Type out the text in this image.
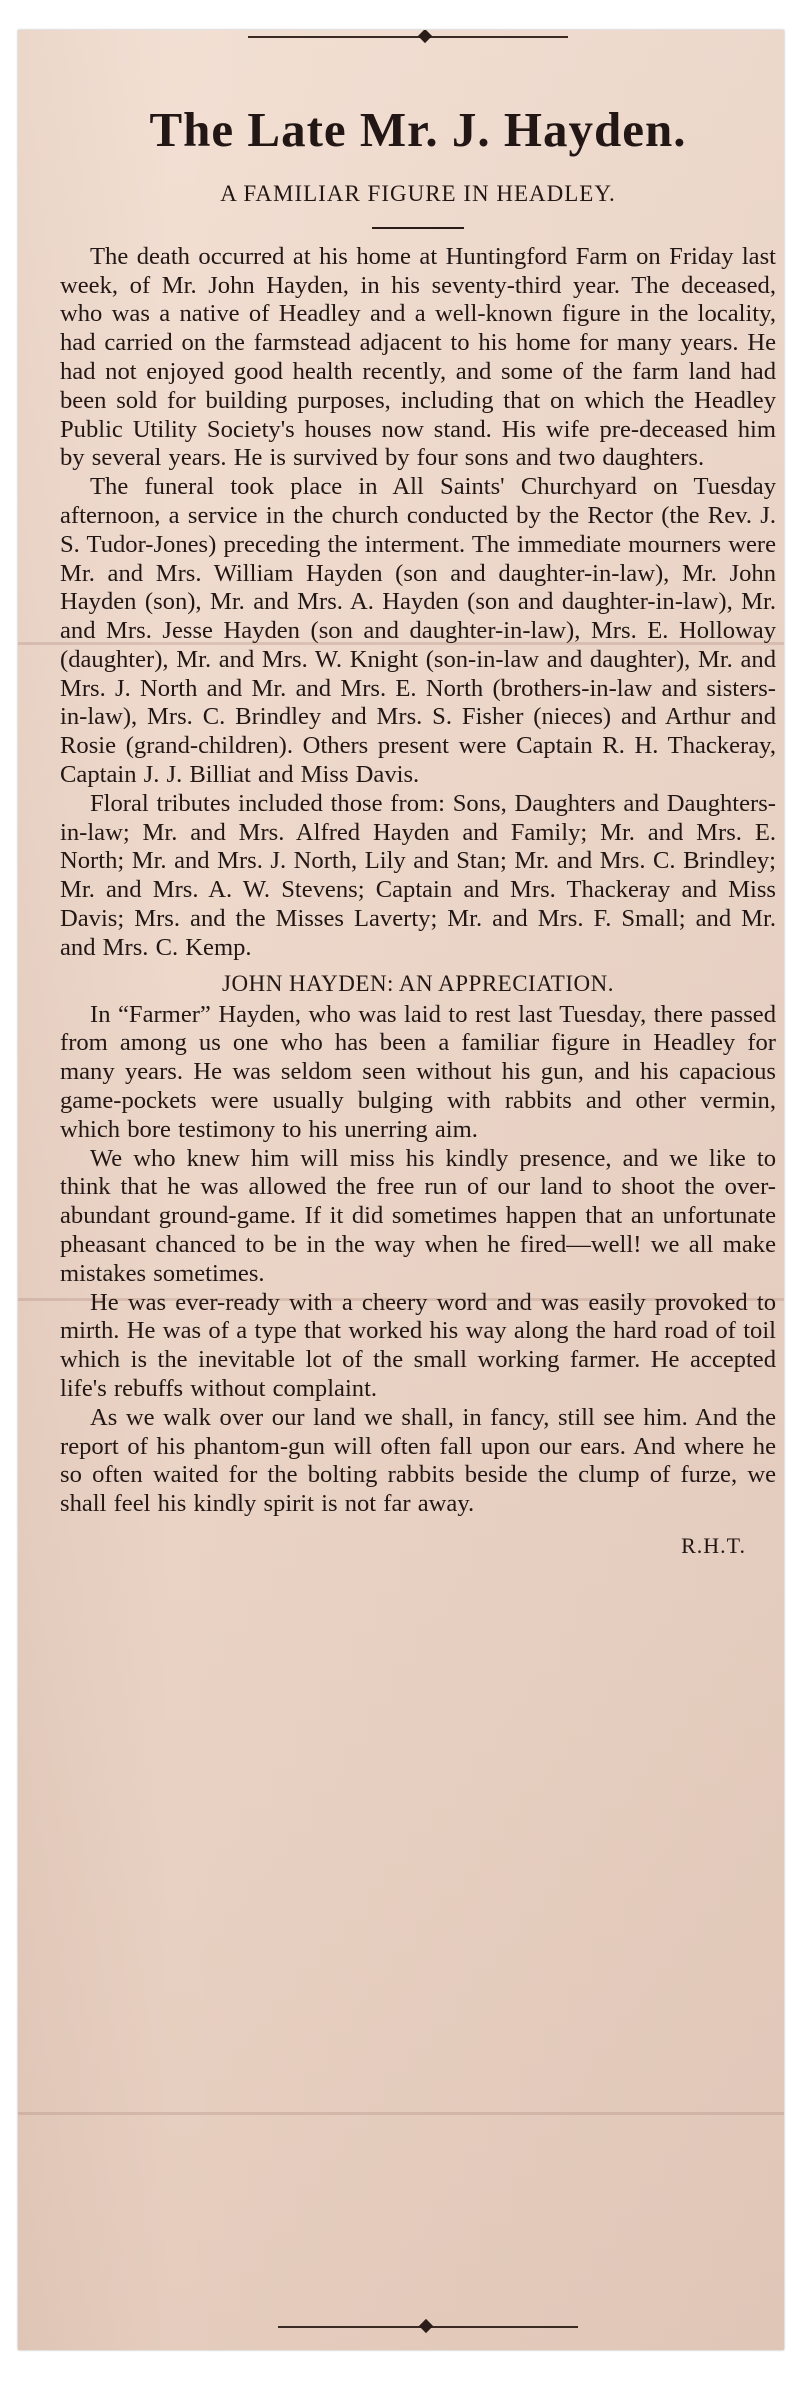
The Late Mr. J. Hayden.
A FAMILIAR FIGURE IN HEADLEY.

The death occurred at his home at Huntingford Farm on Friday last week, of Mr. John Hayden, in his seventy-third year. The deceased, who was a native of Headley and a well-known figure in the locality, had carried on the farmstead adjacent to his home for many years. He had not enjoyed good health recently, and some of the farm land had been sold for building purposes, including that on which the Headley Public Utility Society's houses now stand. His wife pre-deceased him by several years. He is survived by four sons and two daughters.

The funeral took place in All Saints' Churchyard on Tuesday afternoon, a service in the church conducted by the Rector (the Rev. J. S. Tudor-Jones) preceding the interment. The immediate mourners were Mr. and Mrs. William Hayden (son and daughter-in-law), Mr. John Hayden (son), Mr. and Mrs. A. Hayden (son and daughter-in-law), Mr. and Mrs. Jesse Hayden (son and daughter-in-law), Mrs. E. Holloway (daughter), Mr. and Mrs. W. Knight (son-in-law and daughter), Mr. and Mrs. J. North and Mr. and Mrs. E. North (brothers-in-law and sisters-in-law), Mrs. C. Brindley and Mrs. S. Fisher (nieces) and Arthur and Rosie (grand-children). Others present were Captain R. H. Thackeray, Captain J. J. Billiat and Miss Davis.

Floral tributes included those from: Sons, Daughters and Daughters-in-law; Mr. and Mrs. Alfred Hayden and Family; Mr. and Mrs. E. North; Mr. and Mrs. J. North, Lily and Stan; Mr. and Mrs. C. Brindley; Mr. and Mrs. A. W. Stevens; Captain and Mrs. Thackeray and Miss Davis; Mrs. and the Misses Laverty; Mr. and Mrs. F. Small; and Mr. and Mrs. C. Kemp.

JOHN HAYDEN: AN APPRECIATION.

In “Farmer” Hayden, who was laid to rest last Tuesday, there passed from among us one who has been a familiar figure in Headley for many years. He was seldom seen without his gun, and his capacious game-pockets were usually bulging with rabbits and other vermin, which bore testimony to his unerring aim.

We who knew him will miss his kindly presence, and we like to think that he was allowed the free run of our land to shoot the over-abundant ground-game. If it did sometimes happen that an unfortunate pheasant chanced to be in the way when he fired—well! we all make mistakes sometimes.

He was ever-ready with a cheery word and was easily provoked to mirth. He was of a type that worked his way along the hard road of toil which is the inevitable lot of the small working farmer. He accepted life's rebuffs without complaint.

As we walk over our land we shall, in fancy, still see him. And the report of his phantom-gun will often fall upon our ears. And where he so often waited for the bolting rabbits beside the clump of furze, we shall feel his kindly spirit is not far away.

R.H.T.
